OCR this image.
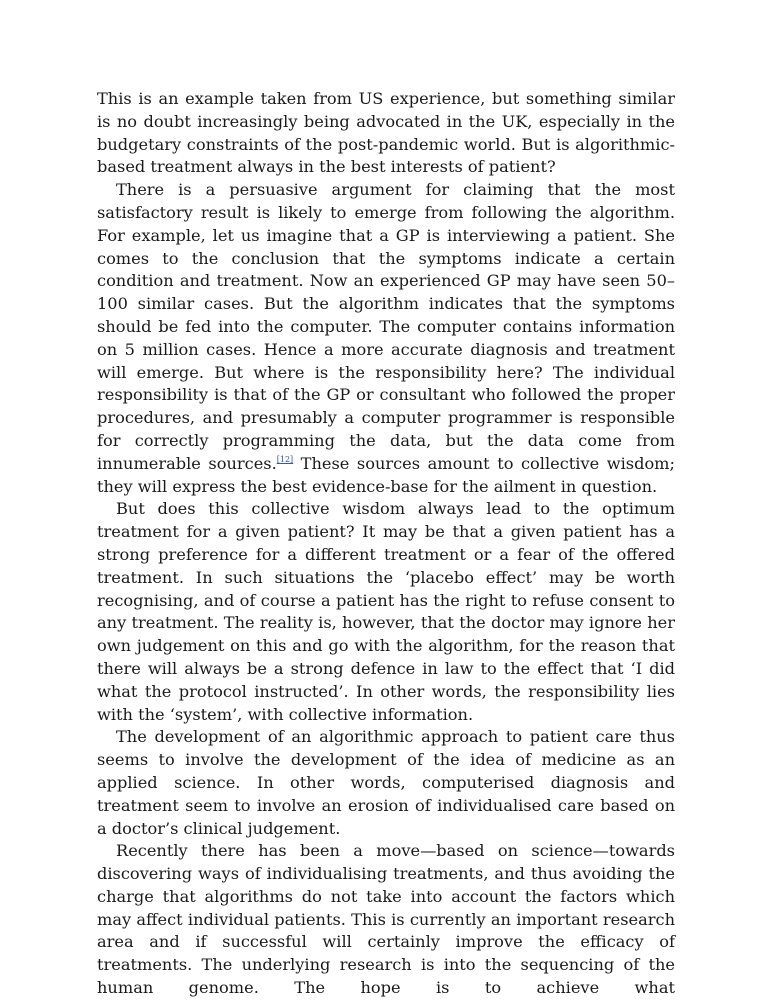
This is an example taken from US experience, but something similar is no doubt increasingly being advocated in the UK, especially in the budgetary constraints of the post-pandemic world. But is algorithmic-based treatment always in the best interests of patient?

There is a persuasive argument for claiming that the most satisfactory result is likely to emerge from following the algorithm. For example, let us imagine that a GP is interviewing a patient. She comes to the conclusion that the symptoms indicate a certain condition and treatment. Now an experienced GP may have seen 50–100 similar cases. But the algorithm indicates that the symptoms should be fed into the computer. The computer contains information on 5 million cases. Hence a more accurate diagnosis and treatment will emerge. But where is the responsibility here? The individual responsibility is that of the GP or consultant who followed the proper procedures, and presumably a computer programmer is responsible for correctly programming the data, but the data come from innumerable sources.[12] These sources amount to collective wisdom; they will express the best evidence-base for the ailment in question.

But does this collective wisdom always lead to the optimum treatment for a given patient? It may be that a given patient has a strong preference for a different treatment or a fear of the offered treatment. In such situations the ‘placebo effect’ may be worth recognising, and of course a patient has the right to refuse consent to any treatment. The reality is, however, that the doctor may ignore her own judgement on this and go with the algorithm, for the reason that there will always be a strong defence in law to the effect that ‘I did what the protocol instructed’. In other words, the responsibility lies with the ‘system’, with collective information.

The development of an algorithmic approach to patient care thus seems to involve the development of the idea of medicine as an applied science. In other words, computerised diagnosis and treatment seem to involve an erosion of individualised care based on a doctor’s clinical judgement.

Recently there has been a move—based on science—towards discovering ways of individualising treatments, and thus avoiding the charge that algorithms do not take into account the factors which may affect individual patients. This is currently an important research area and if successful will certainly improve the efficacy of treatments. The underlying research is into the sequencing of the human genome. The hope is to achieve what
